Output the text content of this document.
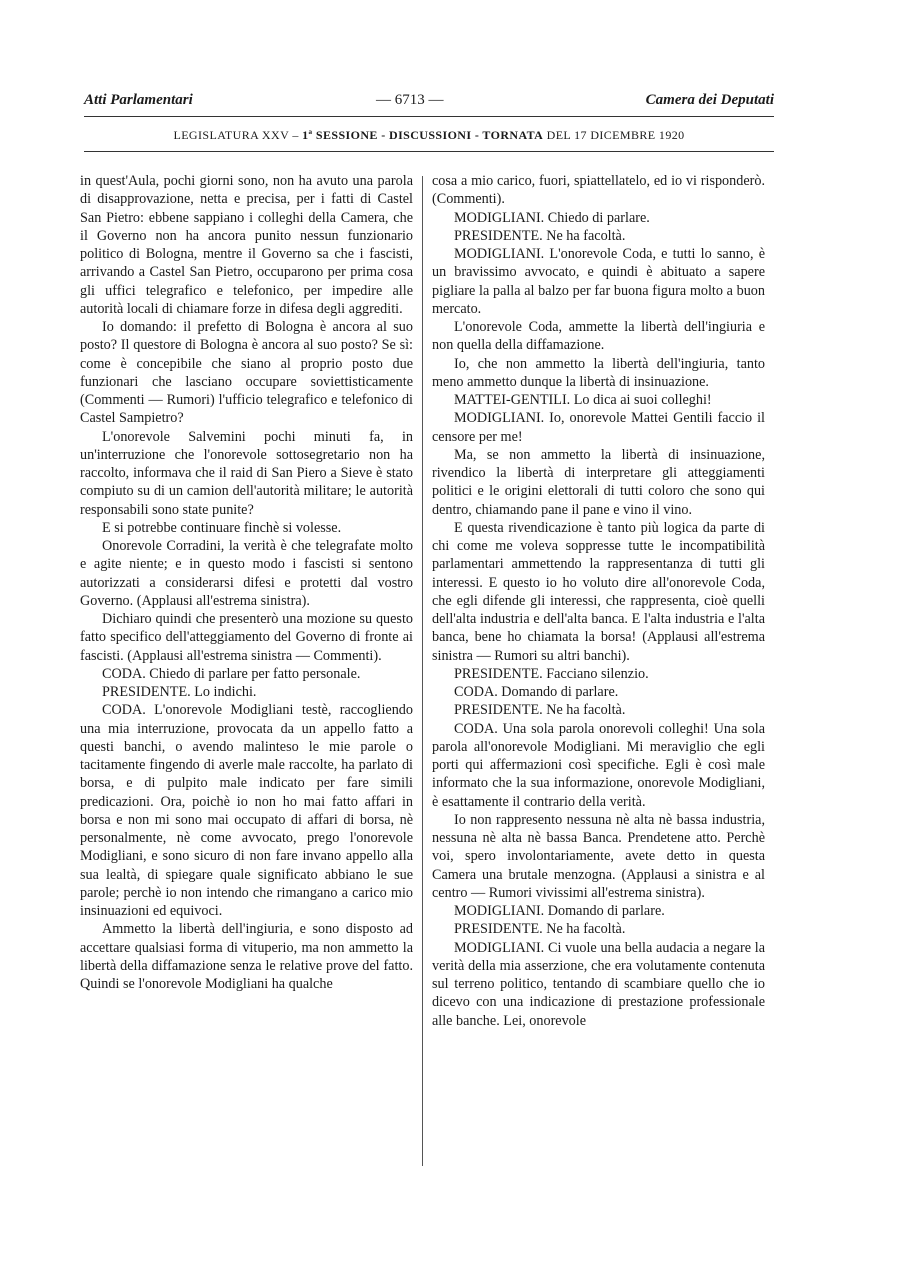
Atti Parlamentari	— 6713 —	Camera dei Deputati
LEGISLATURA XXV – 1ª SESSIONE - DISCUSSIONI - TORNATA DEL 17 DICEMBRE 1920

in quest'Aula, pochi giorni sono, non ha avuto una parola di disapprovazione, netta e precisa, per i fatti di Castel San Pietro: ebbene sappiano i colleghi della Camera, che il Governo non ha ancora punito nessun funzionario politico di Bologna, mentre il Governo sa che i fascisti, arrivando a Castel San Pietro, occuparono per prima cosa gli uffici telegrafico e telefonico, per impedire alle autorità locali di chiamare forze in difesa degli aggrediti.

Io domando: il prefetto di Bologna è ancora al suo posto? Il questore di Bologna è ancora al suo posto? Se sì: come è concepibile che siano al proprio posto due funzionari che lasciano occupare soviettisticamente (Commenti — Rumori) l'ufficio telegrafico e telefonico di Castel Sampietro?

L'onorevole Salvemini pochi minuti fa, in un'interruzione che l'onorevole sottosegretario non ha raccolto, informava che il raid di San Piero a Sieve è stato compiuto su di un camion dell'autorità militare; le autorità responsabili sono state punite?

E si potrebbe continuare finchè si volesse.

Onorevole Corradini, la verità è che telegrafate molto e agite niente; e in questo modo i fascisti si sentono autorizzati a considerarsi difesi e protetti dal vostro Governo. (Applausi all'estrema sinistra).

Dichiaro quindi che presenterò una mozione su questo fatto specifico dell'atteggiamento del Governo di fronte ai fascisti. (Applausi all'estrema sinistra — Commenti).

CODA. Chiedo di parlare per fatto personale.

PRESIDENTE. Lo indichi.

CODA. L'onorevole Modigliani testè, raccogliendo una mia interruzione, provocata da un appello fatto a questi banchi, o avendo malinteso le mie parole o tacitamente fingendo di averle male raccolte, ha parlato di borsa, e di pulpito male indicato per fare simili predicazioni. Ora, poichè io non ho mai fatto affari in borsa e non mi sono mai occupato di affari di borsa, nè personalmente, nè come avvocato, prego l'onorevole Modigliani, e sono sicuro di non fare invano appello alla sua lealtà, di spiegare quale significato abbiano le sue parole; perchè io non intendo che rimangano a carico mio insinuazioni ed equivoci.

Ammetto la libertà dell'ingiuria, e sono disposto ad accettare qualsiasi forma di vituperio, ma non ammetto la libertà della diffamazione senza le relative prove del fatto. Quindi se l'onorevole Modigliani ha qualche

cosa a mio carico, fuori, spiattellatelo, ed io vi risponderò. (Commenti).

MODIGLIANI. Chiedo di parlare.

PRESIDENTE. Ne ha facoltà.

MODIGLIANI. L'onorevole Coda, e tutti lo sanno, è un bravissimo avvocato, e quindi è abituato a sapere pigliare la palla al balzo per far buona figura molto a buon mercato.

L'onorevole Coda, ammette la libertà dell'ingiuria e non quella della diffamazione.

Io, che non ammetto la libertà dell'ingiuria, tanto meno ammetto dunque la libertà di insinuazione.

MATTEI-GENTILI. Lo dica ai suoi colleghi!

MODIGLIANI. Io, onorevole Mattei Gentili faccio il censore per me!

Ma, se non ammetto la libertà di insinuazione, rivendico la libertà di interpretare gli atteggiamenti politici e le origini elettorali di tutti coloro che sono qui dentro, chiamando pane il pane e vino il vino.

E questa rivendicazione è tanto più logica da parte di chi come me voleva soppresse tutte le incompatibilità parlamentari ammettendo la rappresentanza di tutti gli interessi. E questo io ho voluto dire all'onorevole Coda, che egli difende gli interessi, che rappresenta, cioè quelli dell'alta industria e dell'alta banca. E l'alta industria e l'alta banca, bene ho chiamata la borsa! (Applausi all'estrema sinistra — Rumori su altri banchi).

PRESIDENTE. Facciano silenzio.

CODA. Domando di parlare.

PRESIDENTE. Ne ha facoltà.

CODA. Una sola parola onorevoli colleghi! Una sola parola all'onorevole Modigliani. Mi meraviglio che egli porti qui affermazioni così specifiche. Egli è così male informato che la sua informazione, onorevole Modigliani, è esattamente il contrario della verità.

Io non rappresento nessuna nè alta nè bassa industria, nessuna nè alta nè bassa Banca. Prendetene atto. Perchè voi, spero involontariamente, avete detto in questa Camera una brutale menzogna. (Applausi a sinistra e al centro — Rumori vivissimi all'estrema sinistra).

MODIGLIANI. Domando di parlare.

PRESIDENTE. Ne ha facoltà.

MODIGLIANI. Ci vuole una bella audacia a negare la verità della mia asserzione, che era volutamente contenuta sul terreno politico, tentando di scambiare quello che io dicevo con una indicazione di prestazione professionale alle banche. Lei, onorevole
